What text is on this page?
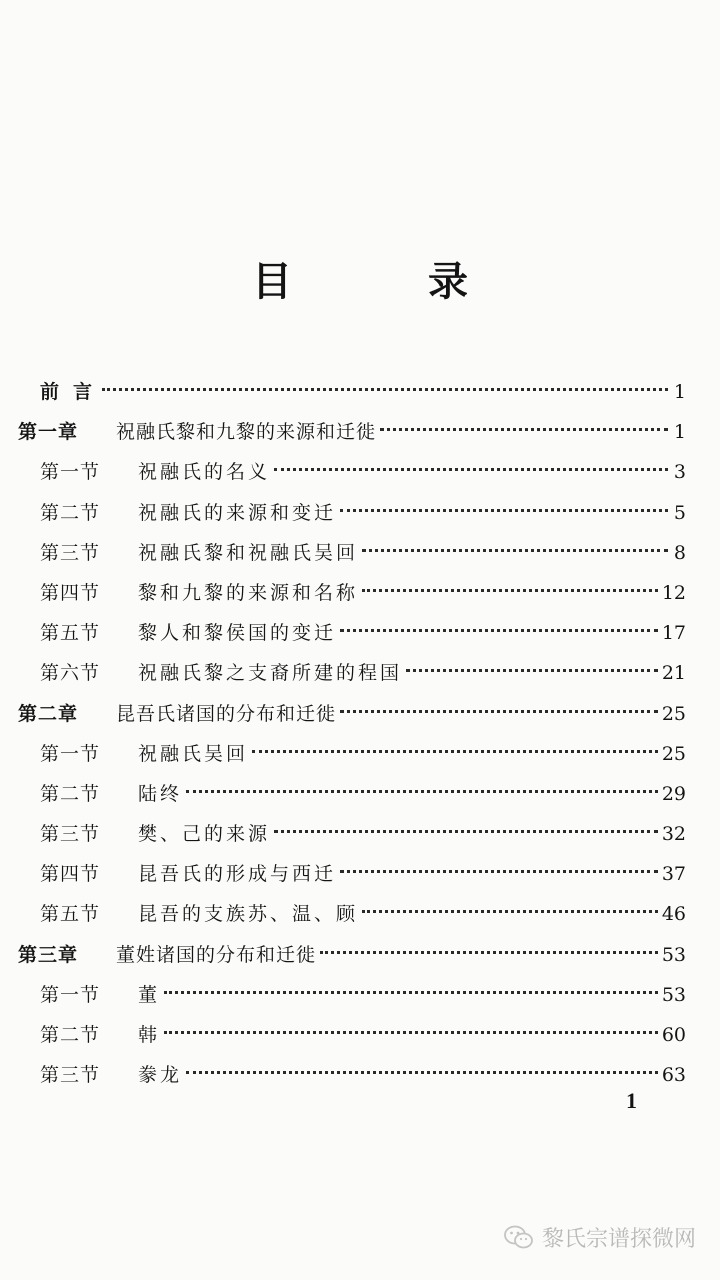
目　录
前言	1
第一章	祝融氏黎和九黎的来源和迁徙	1
第一节	祝融氏的名义	3
第二节	祝融氏的来源和变迁	5
第三节	祝融氏黎和祝融氏吴回	8
第四节	黎和九黎的来源和名称	12
第五节	黎人和黎侯国的变迁	17
第六节	祝融氏黎之支裔所建的程国	21
第二章	昆吾氏诸国的分布和迁徙	25
第一节	祝融氏吴回	25
第二节	陆终	29
第三节	樊、己的来源	32
第四节	昆吾氏的形成与西迁	37
第五节	昆吾的支族苏、温、顾	46
第三章	董姓诸国的分布和迁徙	53
第一节	董	53
第二节	韩	60
第三节	豢龙	63
1
黎氏宗谱探微网
